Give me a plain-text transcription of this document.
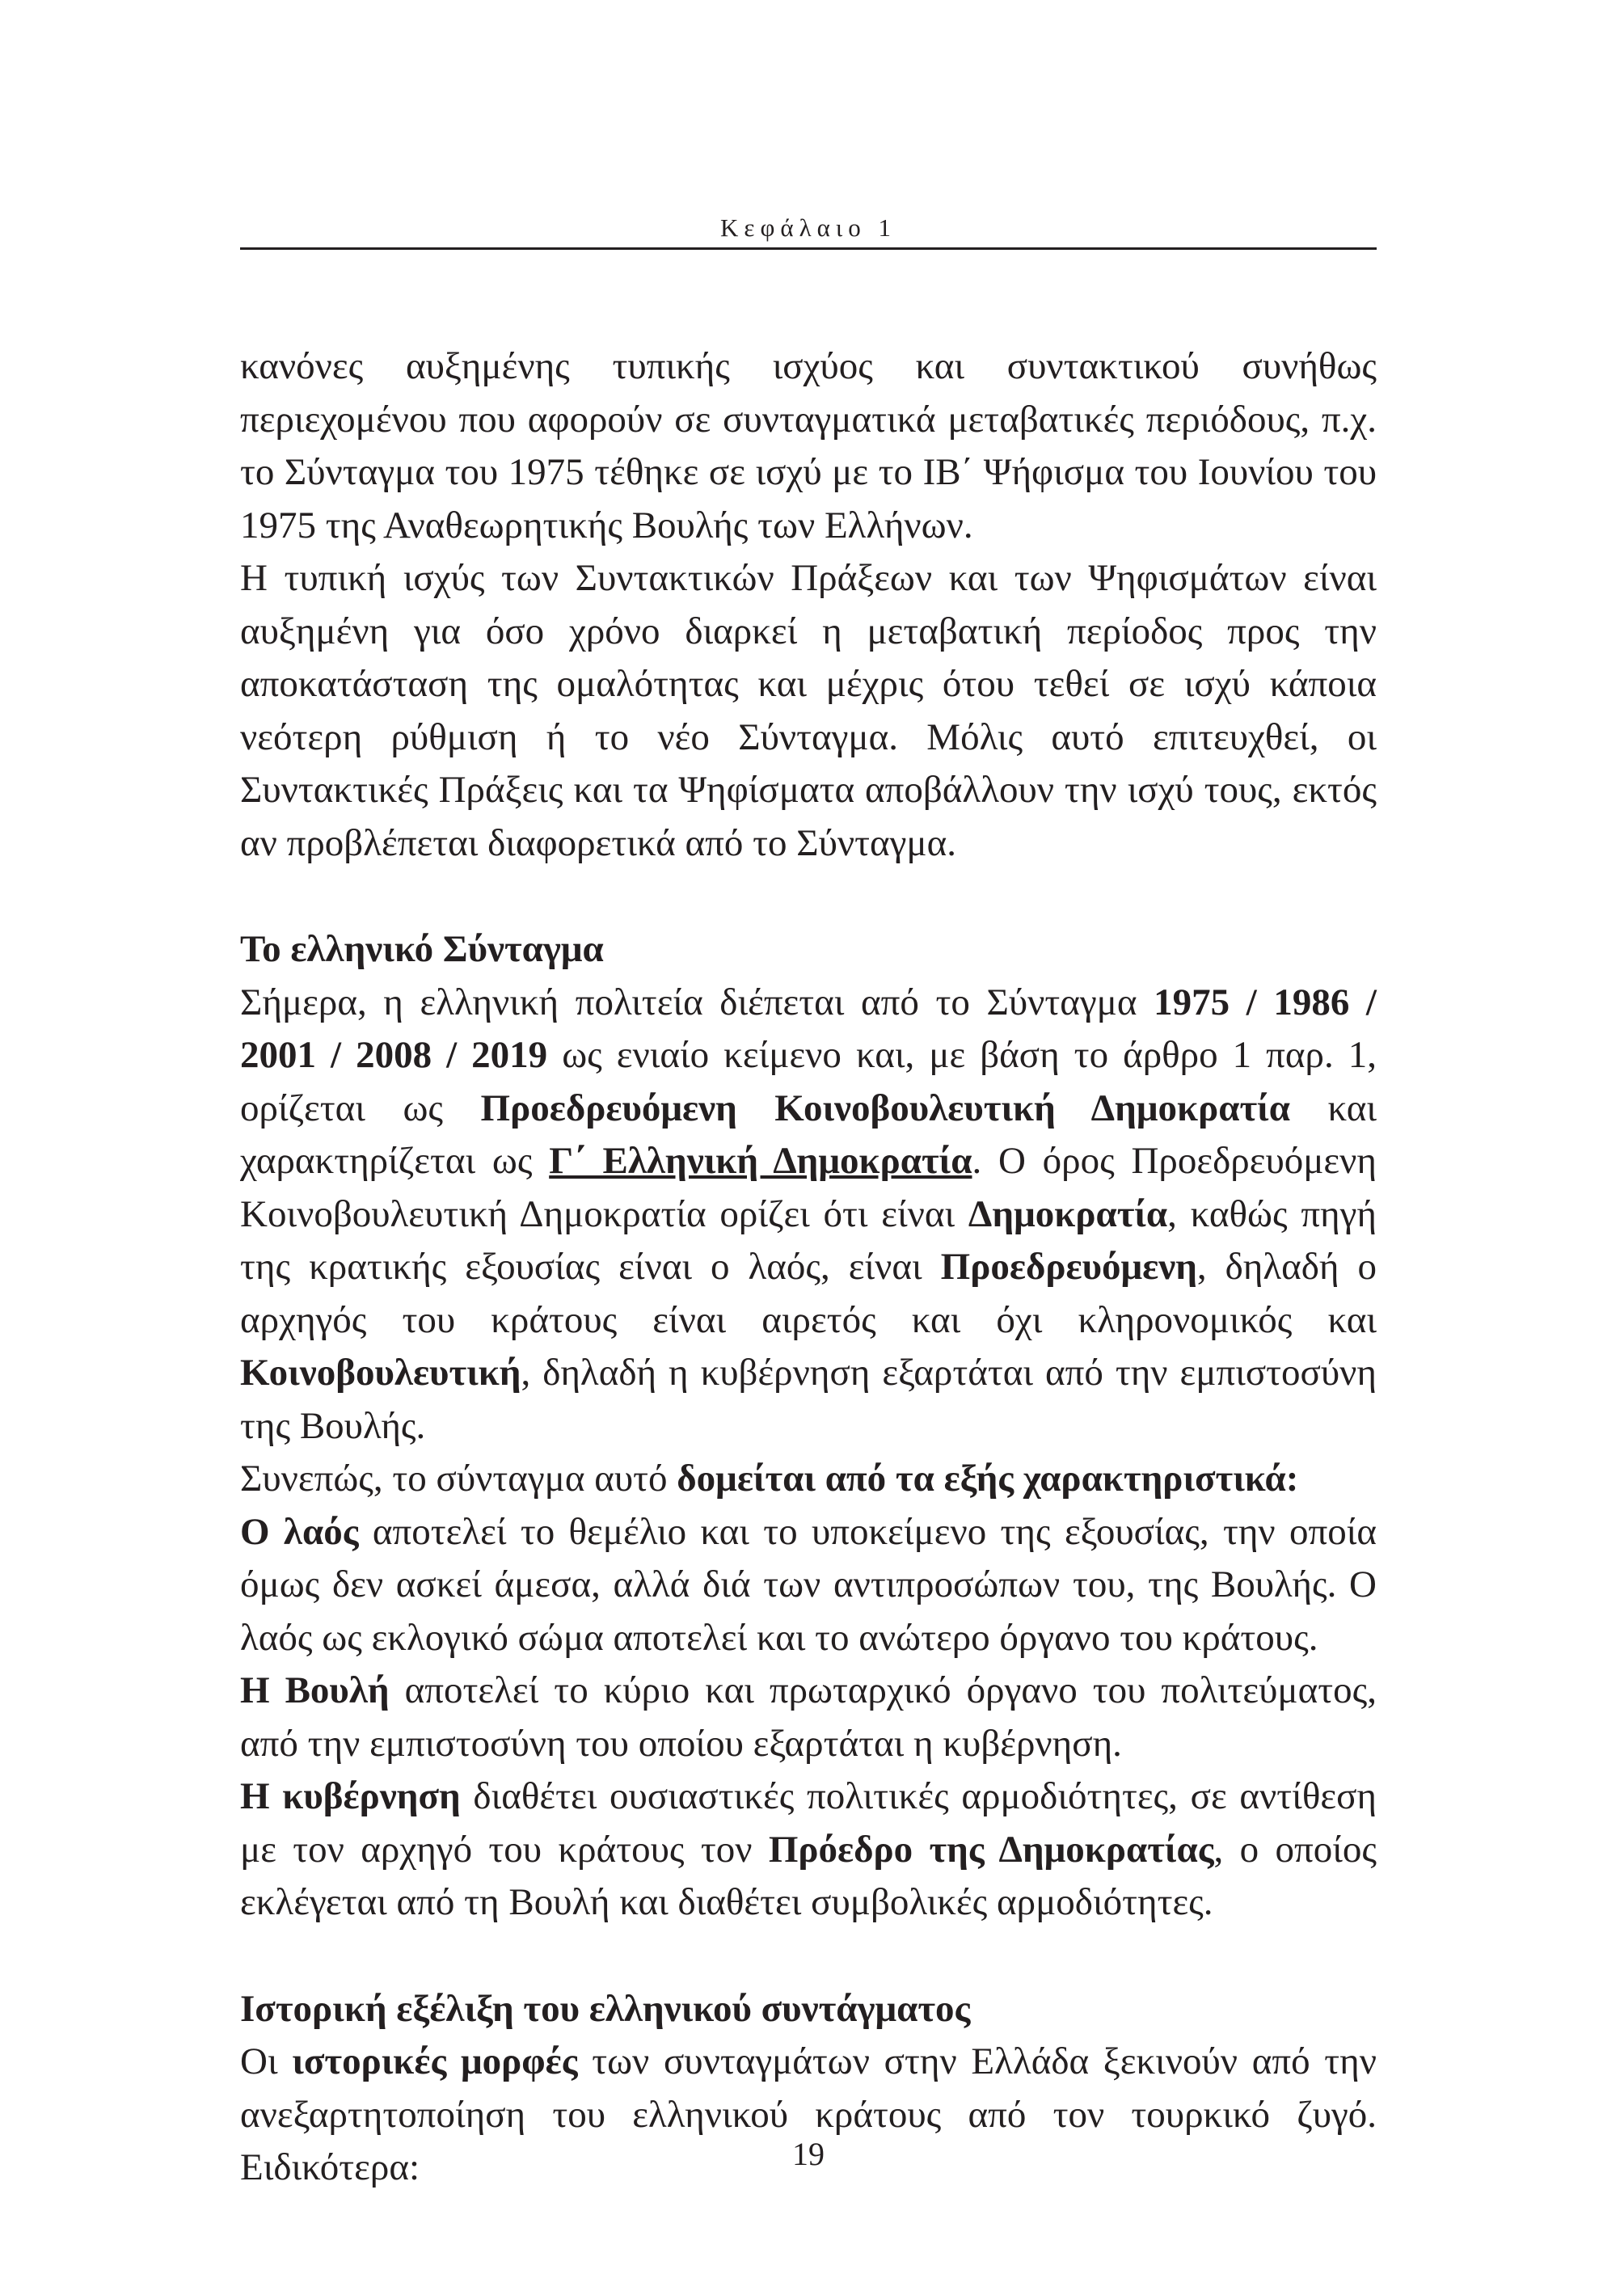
Κεφάλαιο 1

κανόνες αυξημένης τυπικής ισχύος και συντακτικού συνήθως περιεχομένου που αφορούν σε συνταγματικά μεταβατικές περιόδους, π.χ. το Σύνταγμα του 1975 τέθηκε σε ισχύ με το ΙΒ΄ Ψήφισμα του Ιουνίου του 1975 της Αναθεωρητικής Βουλής των Ελλήνων.

Η τυπική ισχύς των Συντακτικών Πράξεων και των Ψηφισμάτων είναι αυξημένη για όσο χρόνο διαρκεί η μεταβατική περίοδος προς την αποκατάσταση της ομαλότητας και μέχρις ότου τεθεί σε ισχύ κάποια νεότερη ρύθμιση ή το νέο Σύνταγμα. Μόλις αυτό επιτευχθεί, οι Συντακτικές Πράξεις και τα Ψηφίσματα αποβάλλουν την ισχύ τους, εκτός αν προβλέπεται διαφορετικά από το Σύνταγμα.

Το ελληνικό Σύνταγμα

Σήμερα, η ελληνική πολιτεία διέπεται από το Σύνταγμα 1975 / 1986 / 2001 / 2008 / 2019 ως ενιαίο κείμενο και, με βάση το άρθρο 1 παρ. 1, ορίζεται ως Προεδρευόμενη Κοινοβουλευτική Δημοκρατία και χαρακτηρίζεται ως Γ΄ Ελληνική Δημοκρατία. Ο όρος Προεδρευόμενη Κοινοβουλευτική Δημοκρατία ορίζει ότι είναι Δημοκρατία, καθώς πηγή της κρατικής εξουσίας είναι ο λαός, είναι Προεδρευόμενη, δηλαδή ο αρχηγός του κράτους είναι αιρετός και όχι κληρονομικός και Κοινοβουλευτική, δηλαδή η κυβέρνηση εξαρτάται από την εμπιστοσύνη της Βουλής.

Συνεπώς, το σύνταγμα αυτό δομείται από τα εξής χαρακτηριστικά:

Ο λαός αποτελεί το θεμέλιο και το υποκείμενο της εξουσίας, την οποία όμως δεν ασκεί άμεσα, αλλά διά των αντιπροσώπων του, της Βουλής. Ο λαός ως εκλογικό σώμα αποτελεί και το ανώτερο όργανο του κράτους.

Η Βουλή αποτελεί το κύριο και πρωταρχικό όργανο του πολιτεύματος, από την εμπιστοσύνη του οποίου εξαρτάται η κυβέρνηση.

Η κυβέρνηση διαθέτει ουσιαστικές πολιτικές αρμοδιότητες, σε αντίθεση με τον αρχηγό του κράτους τον Πρόεδρο της Δημοκρατίας, ο οποίος εκλέγεται από τη Βουλή και διαθέτει συμβολικές αρμοδιότητες.

Ιστορική εξέλιξη του ελληνικού συντάγματος

Οι ιστορικές μορφές των συνταγμάτων στην Ελλάδα ξεκινούν από την ανεξαρτητοποίηση του ελληνικού κράτους από τον τουρκικό ζυγό. Ειδικότερα:	19
